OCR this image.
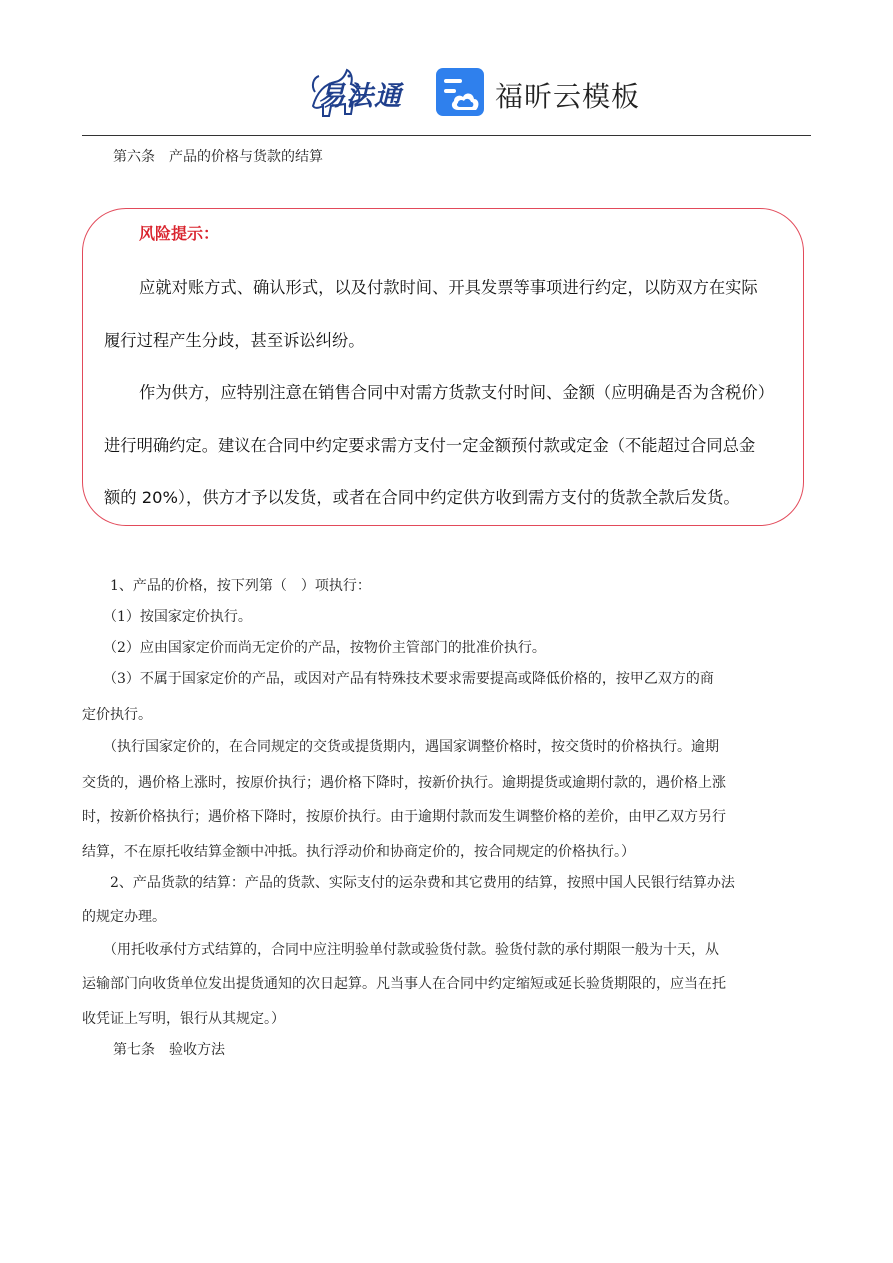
易法通	福昕云模板
第六条　产品的价格与货款的结算
风险提示：
应就对账方式、确认形式，以及付款时间、开具发票等事项进行约定，以防双方在实际
履行过程产生分歧，甚至诉讼纠纷。
作为供方，应特别注意在销售合同中对需方货款支付时间、金额（应明确是否为含税价）
进行明确约定。建议在合同中约定要求需方支付一定金额预付款或定金（不能超过合同总金
额的 20%），供方才予以发货，或者在合同中约定供方收到需方支付的货款全款后发货。
　　1、产品的价格，按下列第（　）项执行：
　　（1）按国家定价执行。
　　（2）应由国家定价而尚无定价的产品，按物价主管部门的批准价执行。
　　（3）不属于国家定价的产品，或因对产品有特殊技术要求需要提高或降低价格的，按甲乙双方的商
定价执行。
　　（执行国家定价的，在合同规定的交货或提货期内，遇国家调整价格时，按交货时的价格执行。逾期
交货的，遇价格上涨时，按原价执行；遇价格下降时，按新价执行。逾期提货或逾期付款的，遇价格上涨
时，按新价格执行；遇价格下降时，按原价执行。由于逾期付款而发生调整价格的差价，由甲乙双方另行
结算，不在原托收结算金额中冲抵。执行浮动价和协商定价的，按合同规定的价格执行。）
　　2、产品货款的结算：产品的货款、实际支付的运杂费和其它费用的结算，按照中国人民银行结算办法
的规定办理。
　　（用托收承付方式结算的，合同中应注明验单付款或验货付款。验货付款的承付期限一般为十天，从
运输部门向收货单位发出提货通知的次日起算。凡当事人在合同中约定缩短或延长验货期限的，应当在托
收凭证上写明，银行从其规定。）
第七条　验收方法
